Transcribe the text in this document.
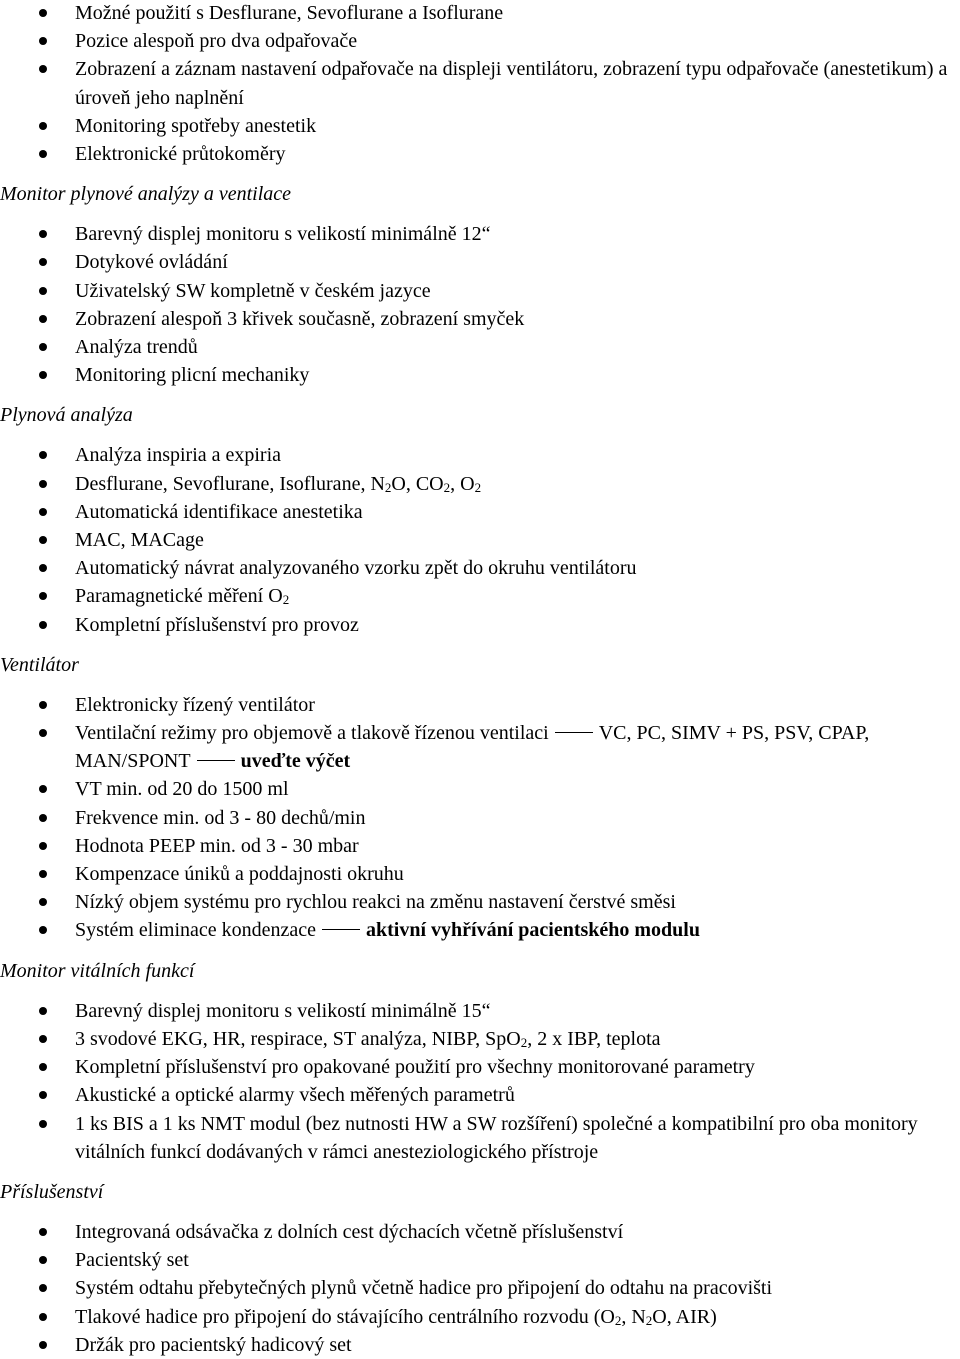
Možné použití s Desflurane, Sevoflurane a Isoflurane
Pozice alespoň pro dva odpařovače
Zobrazení a záznam nastavení odpařovače na displeji ventilátoru, zobrazení typu odpařovače (anestetikum) a úroveň jeho naplnění
Monitoring spotřeby anestetik
Elektronické průtokoměry
Monitor plynové analýzy a ventilace
Barevný displej monitoru s velikostí minimálně 12“
Dotykové ovládání
Uživatelský SW kompletně v českém jazyce
Zobrazení alespoň 3 křivek současně, zobrazení smyček
Analýza trendů
Monitoring plicní mechaniky
Plynová analýza
Analýza inspiria a expiria
Desflurane, Sevoflurane, Isoflurane, $N_2O$, $CO_2$, $O_2$
Automatická identifikace anestetika
MAC, MACage
Automatický návrat analyzovaného vzorku zpět do okruhu ventilátoru
Paramagnetické měření $O_2$
Kompletní příslušenství pro provoz
Ventilátor
Elektronicky řízený ventilátor
Ventilační režimy pro objemově a tlakově řízenou ventilaci	VC, PC, SIMV + PS, PSV, CPAP, MAN/SPONT	uveďte výčet
VT min. od 20 do 1500 ml
Frekvence min. od 3 - 80 dechů/min
Hodnota PEEP min. od 3 - 30 mbar
Kompenzace úniků a poddajnosti okruhu
Nízký objem systému pro rychlou reakci na změnu nastavení čerstvé směsi
Systém eliminace kondenzace	aktivní vyhřívání pacientského modulu
Monitor vitálních funkcí
Barevný displej monitoru s velikostí minimálně 15“
3 svodové EKG, HR, respirace, ST analýza, NIBP, SpO$_2$, 2 x IBP, teplota
Kompletní příslušenství pro opakované použití pro všechny monitorované parametry
Akustické a optické alarmy všech měřených parametrů
1 ks BIS a 1 ks NMT modul (bez nutnosti HW a SW rozšíření) společné a kompatibilní pro oba monitory vitálních funkcí dodávaných v rámci anesteziologického přístroje
Příslušenství
Integrovaná odsávačka z dolních cest dýchacích včetně příslušenství
Pacientský set
Systém odtahu přebytečných plynů včetně hadice pro připojení do odtahu na pracovišti
Tlakové hadice pro připojení do stávajícího centrálního rozvodu ($O_2$, $N_2O$, AIR)
Držák pro pacientský hadicový set
